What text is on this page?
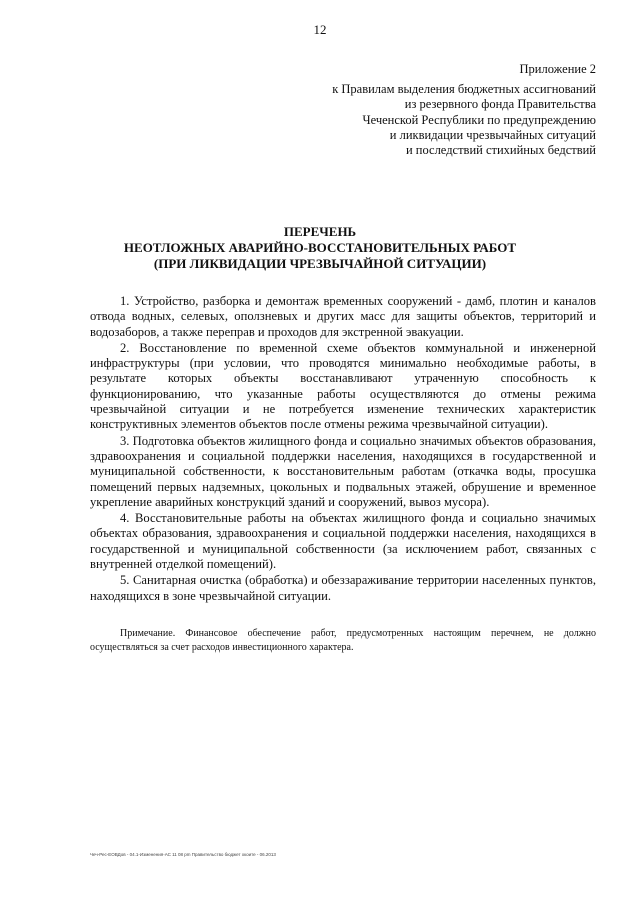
12
Приложение 2
к Правилам выделения бюджетных ассигнований
из резервного фонда Правительства
Чеченской Республики по предупреждению
и ликвидации чрезвычайных ситуаций
и последствий стихийных бедствий
ПЕРЕЧЕНЬ
НЕОТЛОЖНЫХ АВАРИЙНО-ВОССТАНОВИТЕЛЬНЫХ РАБОТ
(ПРИ ЛИКВИДАЦИИ ЧРЕЗВЫЧАЙНОЙ СИТУАЦИИ)

1. Устройство, разборка и демонтаж временных сооружений - дамб, плотин и каналов отвода водных, селевых, оползневых и других масс для защиты объектов, территорий и водозаборов, а также переправ и проходов для экстренной эвакуации.

2. Восстановление по временной схеме объектов коммунальной и инженерной инфраструктуры (при условии, что проводятся минимально необходимые работы, в результате которых объекты восстанавливают утраченную способность к функционированию, что указанные работы осуществляются до отмены режима чрезвычайной ситуации и не потребуется изменение технических характеристик конструктивных элементов объектов после отмены режима чрезвычайной ситуации).

3. Подготовка объектов жилищного фонда и социально значимых объектов образования, здравоохранения и социальной поддержки населения, находящихся в государственной и муниципальной собственности, к восстановительным работам (откачка воды, просушка помещений первых надземных, цокольных и подвальных этажей, обрушение и временное укрепление аварийных конструкций зданий и сооружений, вывоз мусора).

4. Восстановительные работы на объектах жилищного фонда и социально значимых объектах образования, здравоохранения и социальной поддержки населения, находящихся в государственной и муниципальной собственности (за исключением работ, связанных с внутренней отделкой помещений).

5. Санитарная очистка (обработка) и обеззараживание территории населенных пунктов, находящихся в зоне чрезвычайной ситуации.

Примечание. Финансовое обеспечение работ, предусмотренных настоящим перечнем, не должно осуществляться за счет расходов инвестиционного характера.
Чеч-Рес-ЕОВДов - 04.1-Изменения-АС 11 08 pm Правительство бюджет хкоите - 06.2013
